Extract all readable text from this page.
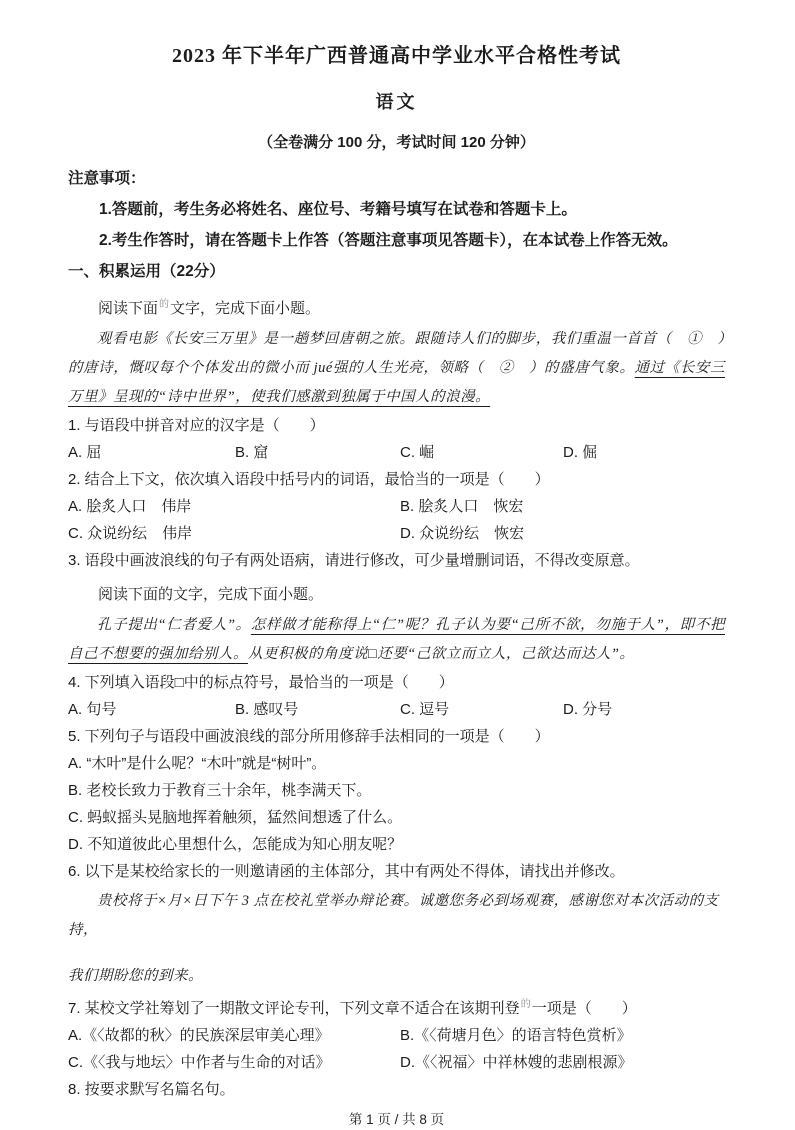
2023 年下半年广西普通高中学业水平合格性考试
语文
（全卷满分 100 分，考试时间 120 分钟）
注意事项：
1.答题前，考生务必将姓名、座位号、考籍号填写在试卷和答题卡上。
2.考生作答时，请在答题卡上作答（答题注意事项见答题卡），在本试卷上作答无效。
一、积累运用（22分）
阅读下面$^的$文字，完成下面小题。

观看电影《长安三万里》是一趟梦回唐朝之旅。跟随诗人们的脚步，我们重温一首首（　①　）的唐诗，慨叹每个个体发出的微小而 jué强的人生光亮，领略（　②　）的盛唐气象。通过《长安三万里》呈现的“诗中世界”，使我们感激到独属于中国人的浪漫。

1. 与语段中拼音对应的汉字是（　　）
A. 屈	B. 窟	C. 崛	D. 倔
2. 结合上下文，依次填入语段中括号内的词语，最恰当的一项是（　　）
A. 脍炙人口　伟岸	B. 脍炙人口　恢宏
C. 众说纷纭　伟岸	D. 众说纷纭　恢宏
3. 语段中画波浪线的句子有两处语病，请进行修改，可少量增删词语，不得改变原意。
阅读下面的文字，完成下面小题。

孔子提出“仁者爱人”。怎样做才能称得上“仁”呢？孔子认为要“己所不欲，勿施于人”，即不把自己不想要的强加给别人。从更积极的角度说□还要“己欲立而立人，己欲达而达人”。

4. 下列填入语段□中的标点符号，最恰当的一项是（　　）
A. 句号	B. 感叹号	C. 逗号	D. 分号
5. 下列句子与语段中画波浪线的部分所用修辞手法相同的一项是（　　）
A. “木叶”是什么呢？“木叶”就是“树叶”。
B. 老校长致力于教育三十余年，桃李满天下。
C. 蚂蚁摇头晃脑地挥着触须，猛然间想透了什么。
D. 不知道彼此心里想什么，怎能成为知心朋友呢？
6. 以下是某校给家长的一则邀请函的主体部分，其中有两处不得体，请找出并修改。
贵校将于×月×日下午 3 点在校礼堂举办辩论赛。诚邀您务必到场观赛，感谢您对本次活动的支持，
我们期盼您的到来。
7. 某校文学社筹划了一期散文评论专刊，下列文章不适合在该期刊登$^的$一项是（　　）
A.《〈故都的秋〉的民族深层审美心理》	B.《〈荷塘月色〉的语言特色赏析》
C.《〈我与地坛〉中作者与生命的对话》	D.《〈祝福〉中祥林嫂的悲剧根源》
8. 按要求默写名篇名句。
第 1 页 / 共 8 页
